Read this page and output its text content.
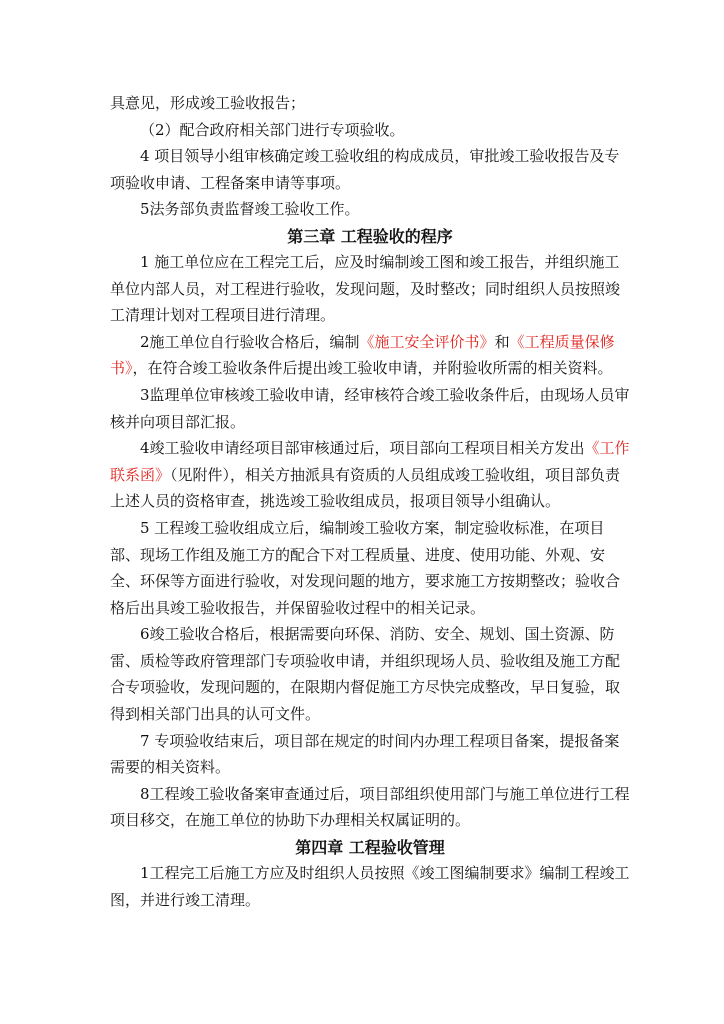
具意见，形成竣工验收报告；

（2）配合政府相关部门进行专项验收。

4 项目领导小组审核确定竣工验收组的构成成员，审批竣工验收报告及专项验收申请、工程备案申请等事项。

5法务部负责监督竣工验收工作。

第三章 工程验收的程序

1 施工单位应在工程完工后，应及时编制竣工图和竣工报告，并组织施工单位内部人员，对工程进行验收，发现问题，及时整改；同时组织人员按照竣工清理计划对工程项目进行清理。

2施工单位自行验收合格后，编制《施工安全评价书》和《工程质量保修书》，在符合竣工验收条件后提出竣工验收申请，并附验收所需的相关资料。

3监理单位审核竣工验收申请，经审核符合竣工验收条件后，由现场人员审核并向项目部汇报。

4竣工验收申请经项目部审核通过后，项目部向工程项目相关方发出《工作联系函》（见附件），相关方抽派具有资质的人员组成竣工验收组，项目部负责上述人员的资格审查，挑选竣工验收组成员，报项目领导小组确认。

5 工程竣工验收组成立后，编制竣工验收方案，制定验收标准，在项目部、现场工作组及施工方的配合下对工程质量、进度、使用功能、外观、安全、环保等方面进行验收，对发现问题的地方，要求施工方按期整改；验收合格后出具竣工验收报告，并保留验收过程中的相关记录。

6竣工验收合格后，根据需要向环保、消防、安全、规划、国土资源、防雷、质检等政府管理部门专项验收申请，并组织现场人员、验收组及施工方配合专项验收，发现问题的，在限期内督促施工方尽快完成整改，早日复验，取得到相关部门出具的认可文件。

7 专项验收结束后，项目部在规定的时间内办理工程项目备案，提报备案需要的相关资料。

8工程竣工验收备案审查通过后，项目部组织使用部门与施工单位进行工程项目移交，在施工单位的协助下办理相关权属证明的。

第四章 工程验收管理

1工程完工后施工方应及时组织人员按照《竣工图编制要求》编制工程竣工图，并进行竣工清理。
